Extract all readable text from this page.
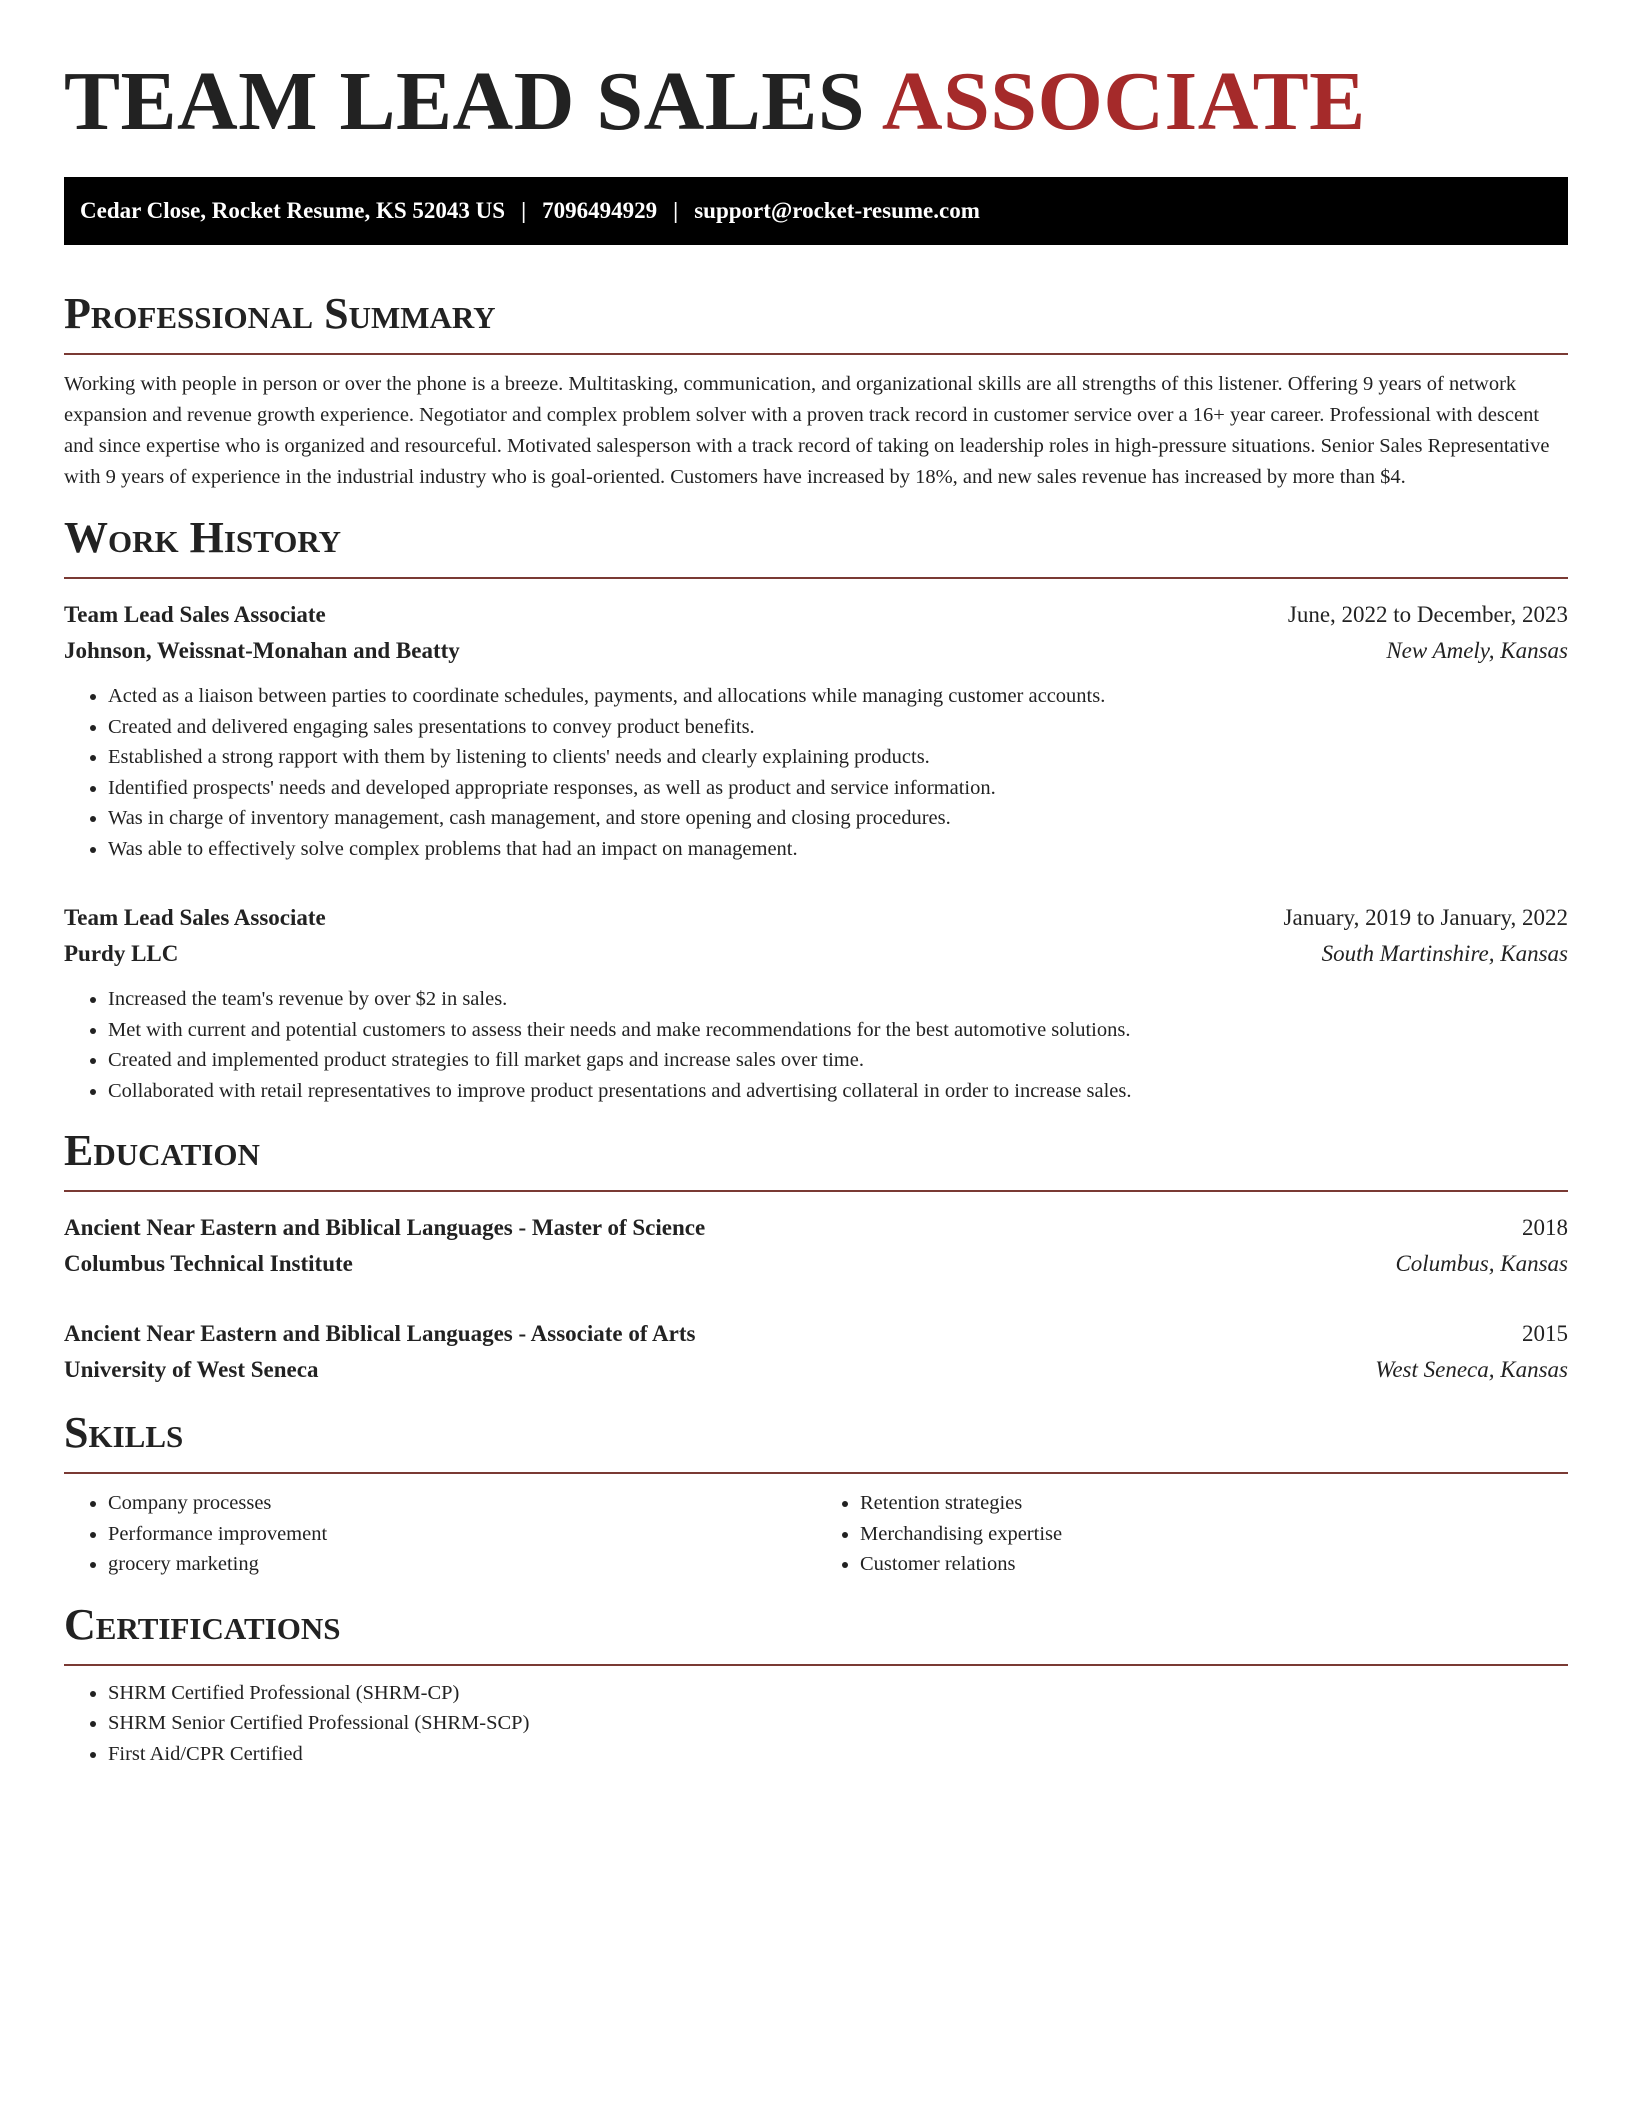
TEAM LEAD SALES ASSOCIATE
Cedar Close, Rocket Resume, KS 52043 US | 7096494929 | support@rocket-resume.com
Professional Summary

Working with people in person or over the phone is a breeze. Multitasking, communication, and organizational skills are all strengths of this listener. Offering 9 years of network expansion and revenue growth experience. Negotiator and complex problem solver with a proven track record in customer service over a 16+ year career. Professional with descent and since expertise who is organized and resourceful. Motivated salesperson with a track record of taking on leadership roles in high-pressure situations. Senior Sales Representative with 9 years of experience in the industrial industry who is goal-oriented. Customers have increased by 18%, and new sales revenue has increased by more than $4.

Work History
Team Lead Sales Associate	June, 2022 to December, 2023
Johnson, Weissnat-Monahan and Beatty	New Amely, Kansas
• Acted as a liaison between parties to coordinate schedules, payments, and allocations while managing customer accounts.
• Created and delivered engaging sales presentations to convey product benefits.
• Established a strong rapport with them by listening to clients' needs and clearly explaining products.
• Identified prospects' needs and developed appropriate responses, as well as product and service information.
• Was in charge of inventory management, cash management, and store opening and closing procedures.
• Was able to effectively solve complex problems that had an impact on management.
Team Lead Sales Associate	January, 2019 to January, 2022
Purdy LLC	South Martinshire, Kansas
• Increased the team's revenue by over $2 in sales.
• Met with current and potential customers to assess their needs and make recommendations for the best automotive solutions.
• Created and implemented product strategies to fill market gaps and increase sales over time.
• Collaborated with retail representatives to improve product presentations and advertising collateral in order to increase sales.
Education
Ancient Near Eastern and Biblical Languages - Master of Science	2018
Columbus Technical Institute	Columbus, Kansas
Ancient Near Eastern and Biblical Languages - Associate of Arts	2015
University of West Seneca	West Seneca, Kansas
Skills
• Company processes
• Performance improvement
• grocery marketing
• Retention strategies
• Merchandising expertise
• Customer relations
Certifications
• SHRM Certified Professional (SHRM-CP)
• SHRM Senior Certified Professional (SHRM-SCP)
• First Aid/CPR Certified
